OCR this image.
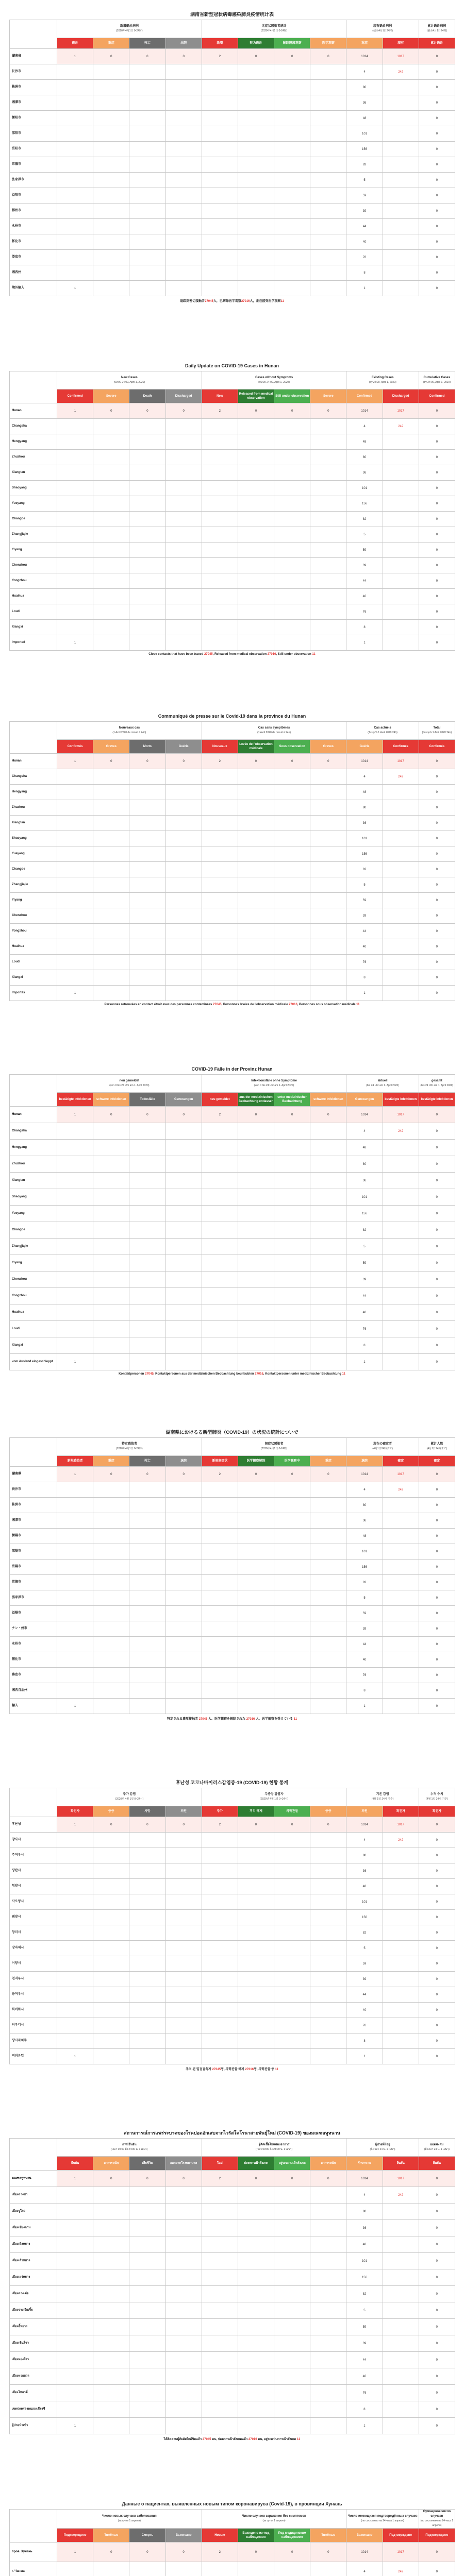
湖南省新型冠状病毒感染肺炎疫情统计表
	新增确诊病例
(2020年4月1日 0-24时)				无症状感染者统计
(2020年4月1日 0-24时)				现有确诊病例
(截至4月1日24时)		累计确诊病例
(截至4月1日24时)

	确诊	重症	死亡	出院	新增	转为确诊	解除隔离观察	医学观察	重症	现有	累计确诊
湖南省	1	0	0	0	2	0	0	0	1014	1017	0
长沙市									4	242	0
株洲市									80		0
湘潭市									36		0
衡阳市									48		0
邵阳市									101		0
岳阳市									156		0
常德市									82		0
张家界市									5		0
益阳市									59		0
郴州市									39		0
永州市									44		0
怀化市									40		0
娄底市									76		0
湘西州									8		0
境外输入	1								1		0
追踪到密切接触者27045人，已解除医学观察27016人，正在接受医学观察11
Daily Update on COVID-19 Cases in Hunan
	New Cases
(00:00-24:00, April 1, 2020)				Cases without Symptoms
(00:00-24:00, April 1, 2020)				Existing Cases
(by 24:00, April 1, 2020)		Cumulative Cases
(by 24:00, April 1, 2020)

	Confirmed	Severe	Death	Discharged	New	Released from medical observation	Still under observation	Severe	Confirmed	Discharged	Confirmed
Hunan	1	0	0	0	2	0	0	0	1014	1017	0
Changsha									4	242	0
Hengyang									48		0
Zhuzhou									80		0
Xiangtan									36		0
Shaoyang									101		0
Yueyang									156		0
Changde									82		0
Zhangjiajie									5		0
Yiyang									59		0
Chenzhou									39		0
Yongzhou									44		0
Huaihua									40		0
Loudi									76		0
Xiangxi									8		0
Imported	1								1		0
Close contacts that have been traced 27045, Released from medical observation 27016, Still under observation 11
Communiqué de presse sur le Covid-19 dans la province du Hunan
	Nouveaux cas
(1 Avril 2020 de minuit à 24h)				Cas sans symptômes
(1 Avril 2020 de minuit à 24h)				Cas actuels
(Jusqu'à 1 Avril 2020 24h)		Total
(Jusqu'à 1 Avril 2020 24h)

	Confirmés	Graves	Morts	Guéris	Nouveaux	Levée de l'observation médicale	Sous observation	Graves	Guéris	Confirmés	Confirmés
Hunan	1	0	0	0	2	0	0	0	1014	1017	0
Changsha									4	242	0
Hengyang									48		0
Zhuzhou									80		0
Xiangtan									36		0
Shaoyang									101		0
Yueyang									156		0
Changde									82		0
Zhangjiajie									5		0
Yiyang									59		0
Chenzhou									39		0
Yongzhou									44		0
Huaihua									40		0
Loudi									76		0
Xiangxi									8		0
Importés	1								1		0
Personnes retrouvées en contact étroit avec des personnes contaminées 27045, Personnes levées de l'observation médicale 27016, Personnes sous observation médicale 11
COVID-19 Fälle in der Provinz Hunan
	neu gemeldet
(von 0 bis 24 Uhr am 1. April 2020)				Infektionsfälle ohne Symptome
(von 0 bis 24 Uhr am 1. April 2020)				aktuell
(bis 24 Uhr am 1. April 2020)		gesamt
(bis 24 Uhr am 1. April 2020)

	bestätigte Infektionen	schwere Infektionen	Todesfälle	Genesungen	neu gemeldet	aus der medizinischen Beobachtung entlassen	unter medizinischer Beobachtung	schwere Infektionen	Genesungen	bestätigte Infektionen	bestätigte Infektionen
Hunan	1	0	0	0	2	0	0	0	1014	1017	0
Changsha									4	242	0
Hengyang									48		0
Zhuzhou									80		0
Xiangtan									36		0
Shaoyang									101		0
Yueyang									156		0
Changde									82		0
Zhangjiajie									5		0
Yiyang									59		0
Chenzhou									39		0
Yongzhou									44		0
Huaihua									40		0
Loudi									76		0
Xiangxi									8		0
vom Ausland eingeschleppt	1								1		0
Kontaktpersonen 27045, Kontaktpersonen aus der medizinischen Beobachtung beurlaubten 27016, Kontaktpersonen unter medizinischer Beobachtung 11
湖南県におけるる新型肺炎（COVID-19）の状況の統計についで
	特定感染者
(2020年4月1日 0-24時)				無症状感染者
(2020年4月1日 0-24時)				現在の確定者
(4月1日24時まで)		累計人数
(4月1日24時まで)

	新規感染者	重症	死亡	退院	新規無症状	医学観察解除	医学観察中	重症	退院	確定	確定
湖南県	1	0	0	0	2	0	0	0	1014	1017	0
長沙市									4	242	0
株洲市									80		0
湘潭市									36		0
衡陽市									48		0
邵陽市									101		0
岳陽市									156		0
常徳市									82		0
張家界市									5		0
益陽市									59		0
チン・州市									39		0
永州市									44		0
懐化市									40		0
婁底市									76		0
湘西自治州									8		0
輸入	1								1		0
特定される濃厚接触者 27045 人、医学観察を解除された 27016 人、医学観察を受けている 11
후난성 코로나바이러스감염증-19 (COVID-19) 현황 통계
	추가 감염
(2020년 4월 1일 0~24시)				무증상 감염자
(2020년 4월 1일 0~24시)				기존 감염
(4월 1일 24시 기준)		누적 수치
(4월 1일 24시 기준)

	확진자	중증	사망	퇴원	추가	격리 해제	의학관찰	중증	퇴원	확진자	확진자
후난성	1	0	0	0	2	0	0	0	1014	1017	0
창사시									4	242	0
주저우시									80		0
샹탄시									36		0
헝양시									48		0
사오양시									101		0
웨양시									156		0
창더시									82		0
장자제시									5		0
이양시									59		0
천저우시									39		0
융저우시									44		0
화이화시									40		0
러우디시									76		0
샹시자치주									8		0
역외유입	1								1		0
추적 된 밀접접촉자 27045명, 의학관찰 해제 27016명, 의학관찰 중 11
สถานการณ์การแพร่ระบาดของโรคปอดอักเสบจากไวรัสโคโรนาสายพันธุ์ใหม่ (COVID-19) ของมณฑลหูหนาน
	กรณียืนยัน
(เวลา 00:00 ถึง 24:00 น. 1 เมษา)				ผู้ติดเชื้อไม่แสดงอาการ
(เวลา 00:00 ถึง 24:00 น. 1 เมษา)				ผู้ป่วยที่มีอยู่
(ถึงเวลา 24 น. 1 เมษา)		ยอดสะสม
(ถึงเวลา 24 น. 1 เมษา)

	ยืนยัน	อาการหนัก	เสียชีวิต	ออกจากโรงพยาบาล	ใหม่	ปลดการเฝ้าสังเกต	อยู่ระหว่างเฝ้าสังเกต	อาการหนัก	รักษาหาย	ยืนยัน	ยืนยัน
มณฑลหูหนาน	1	0	0	0	2	0	0	0	1014	1017	0
เมืองฉางซา									4	242	0
เมืองจูโจว									80		0
เมืองเซียงถาน									36		0
เมืองเหิงหยาง									48		0
เมืองเส้าหยาง									101		0
เมืองเยว่หยาง									156		0
เมืองฉางเต๋อ									82		0
เมืองจางเจียเจี้ย									5		0
เมืองอี้หยาง									59		0
เมืองเชินโจว									39		0
เมืองหย่งโจว									44		0
เมืองหวยฮว่า									40		0
เมืองโหลวตี่									76		0
เขตปกครองตนเองเซียงซี									8		0
ผู้ป่วยนำเข้า	1								1		0
ได้ติดตามผู้สัมผัสใกล้ชิดแล้ว 27045 คน, ปลดการเฝ้าสังเกตแล้ว 27016 คน, อยู่ระหว่างการเฝ้าสังเกต 11
Данные о пациентах, выявленных новым типом коронавируса (Covid-19), в провинции Хунань
	Число новых случаев заболевания
(за сутки 1 апреля)				Число случаев заражения без симптомов
(за сутки 1 апреля)				Число имеющихся подтверждённых случаев
(по состоянию на 24 часа 1 апреля)		Суммарное число случаев
(по состоянию на 24 часа 1 апреля)

	Подтверждено	Тяжёлые	Смерть	Выписано	Новые	Выведено из-под наблюдения	Под медицинским наблюдением	Тяжёлые	Выписано	Подтверждено	Подтверждено
пров. Хунань	1	0	0	0	2	0	0	0	1014	1017	0
г. Чанша									4	242	0
